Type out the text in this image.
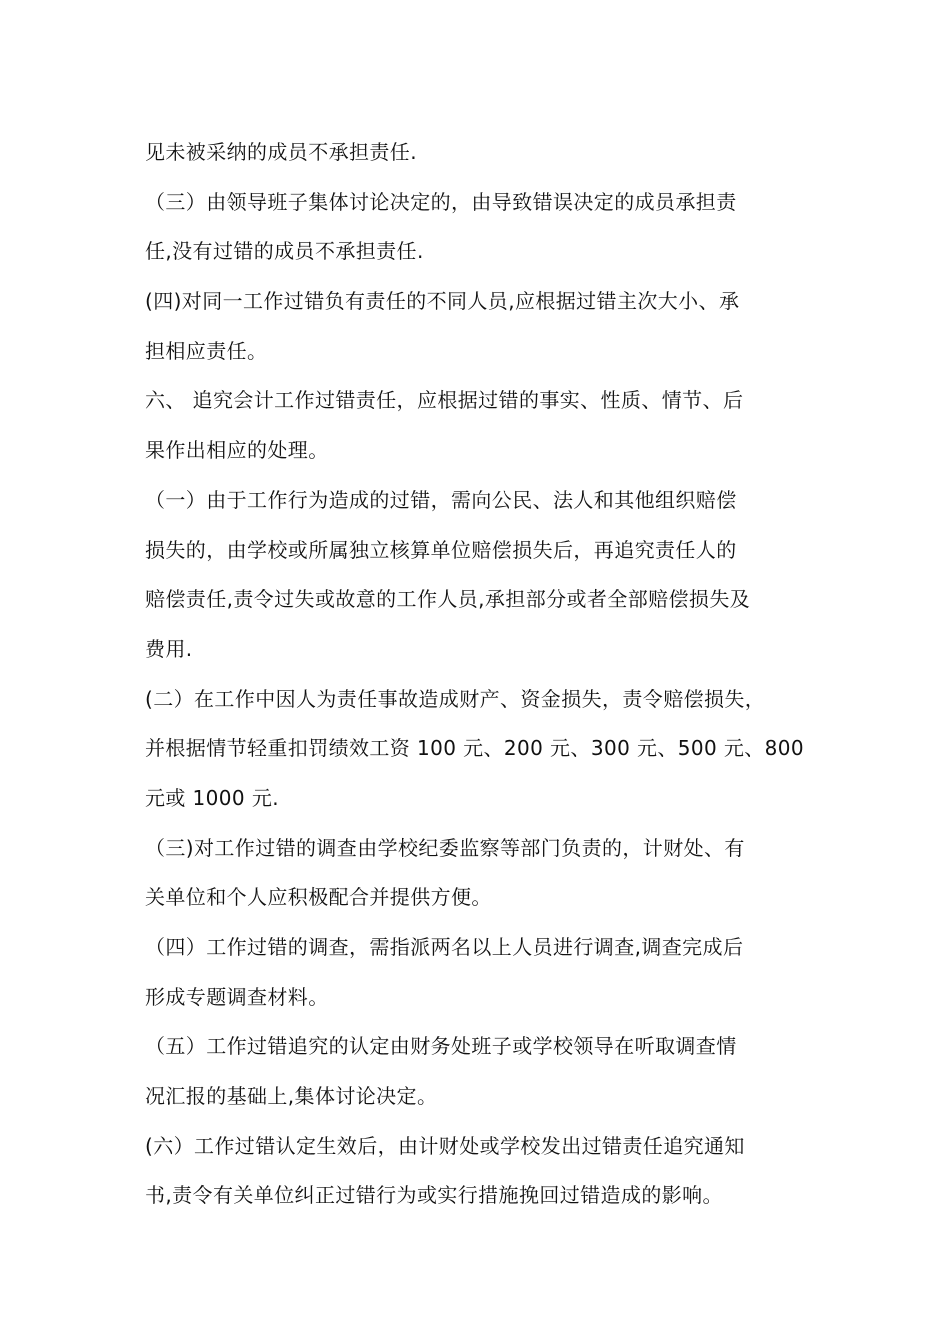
见未被采纳的成员不承担责任.
（三）由领导班子集体讨论决定的，由导致错误决定的成员承担责
任,没有过错的成员不承担责任.
(四)对同一工作过错负有责任的不同人员,应根据过错主次大小、承
担相应责任。
六、 追究会计工作过错责任，应根据过错的事实、性质、情节、后
果作出相应的处理。
（一）由于工作行为造成的过错，需向公民、法人和其他组织赔偿
损失的，由学校或所属独立核算单位赔偿损失后，再追究责任人的
赔偿责任,责令过失或故意的工作人员,承担部分或者全部赔偿损失及
费用.
(二）在工作中因人为责任事故造成财产、资金损失，责令赔偿损失，
并根据情节轻重扣罚绩效工资 100 元、200 元、300 元、500 元、800
元或 1000 元.
（三)对工作过错的调查由学校纪委监察等部门负责的，计财处、有
关单位和个人应积极配合并提供方便。
（四）工作过错的调查，需指派两名以上人员进行调查,调查完成后
形成专题调查材料。
（五）工作过错追究的认定由财务处班子或学校领导在听取调查情
况汇报的基础上,集体讨论决定。
(六）工作过错认定生效后，由计财处或学校发出过错责任追究通知
书,责令有关单位纠正过错行为或实行措施挽回过错造成的影响。
